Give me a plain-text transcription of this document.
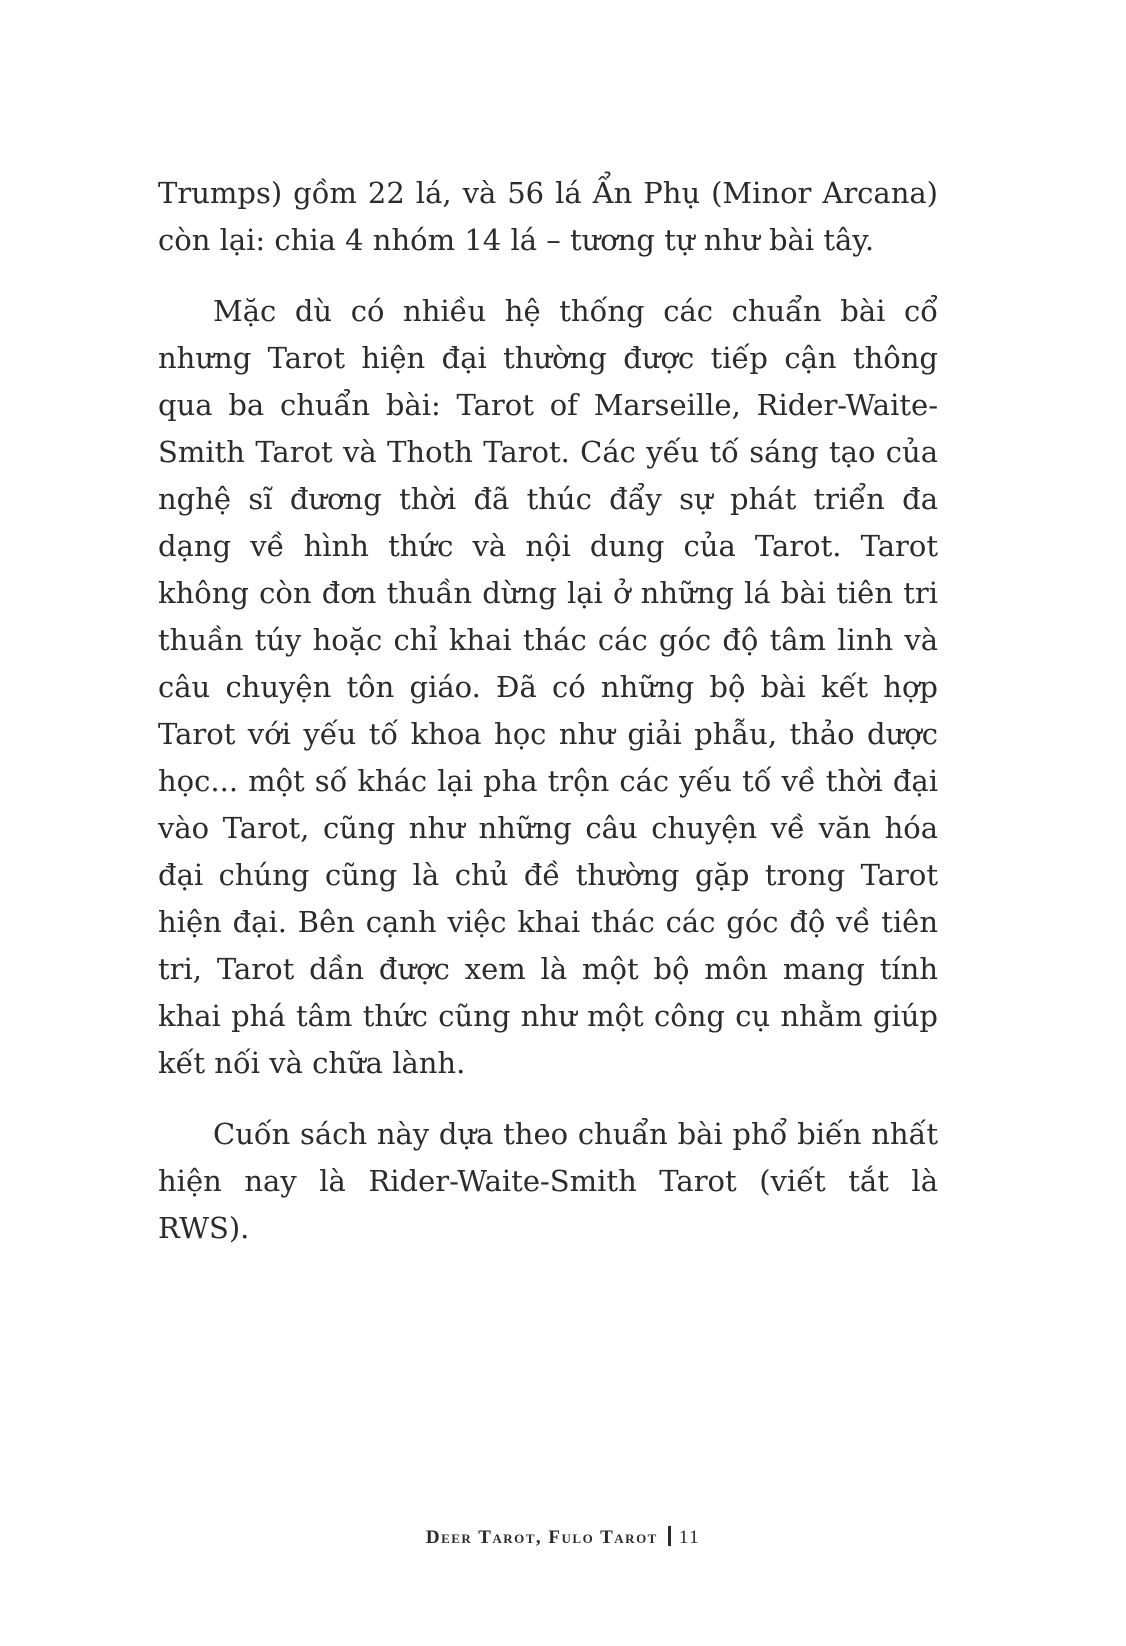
Trumps) gồm 22 lá, và 56 lá Ẩn Phụ (Minor Arcana) còn lại: chia 4 nhóm 14 lá – tương tự như bài tây.

Mặc dù có nhiều hệ thống các chuẩn bài cổ nhưng Tarot hiện đại thường được tiếp cận thông qua ba chuẩn bài: Tarot of Marseille, Rider-Waite-Smith Tarot và Thoth Tarot. Các yếu tố sáng tạo của nghệ sĩ đương thời đã thúc đẩy sự phát triển đa dạng về hình thức và nội dung của Tarot. Tarot không còn đơn thuần dừng lại ở những lá bài tiên tri thuần túy hoặc chỉ khai thác các góc độ tâm linh và câu chuyện tôn giáo. Đã có những bộ bài kết hợp Tarot với yếu tố khoa học như giải phẫu, thảo dược học... một số khác lại pha trộn các yếu tố về thời đại vào Tarot, cũng như những câu chuyện về văn hóa đại chúng cũng là chủ đề thường gặp trong Tarot hiện đại. Bên cạnh việc khai thác các góc độ về tiên tri, Tarot dần được xem là một bộ môn mang tính khai phá tâm thức cũng như một công cụ nhằm giúp kết nối và chữa lành.

Cuốn sách này dựa theo chuẩn bài phổ biến nhất hiện nay là Rider-Waite-Smith Tarot (viết tắt là RWS).

Deer Tarot, Fulo Tarot 11
